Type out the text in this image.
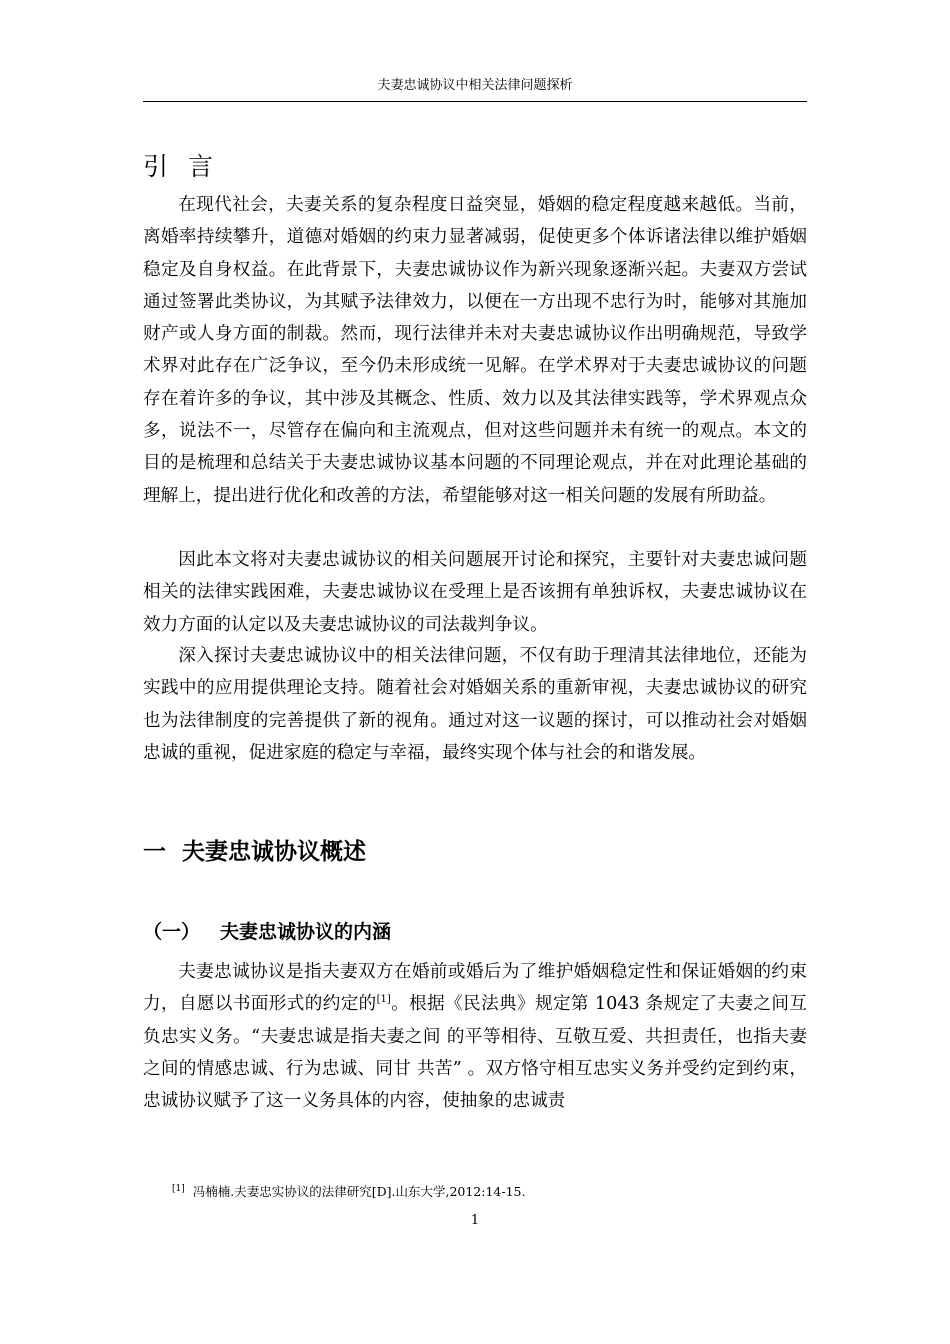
夫妻忠诚协议中相关法律问题探析
引言

在现代社会，夫妻关系的复杂程度日益突显，婚姻的稳定程度越来越低。当前，离婚率持续攀升，道德对婚姻的约束力显著减弱，促使更多个体诉诸法律以维护婚姻稳定及自身权益。在此背景下，夫妻忠诚协议作为新兴现象逐渐兴起。夫妻双方尝试通过签署此类协议，为其赋予法律效力，以便在一方出现不忠行为时，能够对其施加财产或人身方面的制裁。然而，现行法律并未对夫妻忠诚协议作出明确规范，导致学术界对此存在广泛争议，至今仍未形成统一见解。在学术界对于夫妻忠诚协议的问题存在着许多的争议，其中涉及其概念、性质、效力以及其法律实践等，学术界观点众多，说法不一，尽管存在偏向和主流观点，但对这些问题并未有统一的观点。本文的目的是梳理和总结关于夫妻忠诚协议基本问题的不同理论观点，并在对此理论基础的理解上，提出进行优化和改善的方法，希望能够对这一相关问题的发展有所助益。

因此本文将对夫妻忠诚协议的相关问题展开讨论和探究，主要针对夫妻忠诚问题相关的法律实践困难，夫妻忠诚协议在受理上是否该拥有单独诉权，夫妻忠诚协议在效力方面的认定以及夫妻忠诚协议的司法裁判争议。

深入探讨夫妻忠诚协议中的相关法律问题，不仅有助于理清其法律地位，还能为实践中的应用提供理论支持。随着社会对婚姻关系的重新审视，夫妻忠诚协议的研究也为法律制度的完善提供了新的视角。通过对这一议题的探讨，可以推动社会对婚姻忠诚的重视，促进家庭的稳定与幸福，最终实现个体与社会的和谐发展。

一 夫妻忠诚协议概述
（一） 夫妻忠诚协议的内涵

夫妻忠诚协议是指夫妻双方在婚前或婚后为了维护婚姻稳定性和保证婚姻的约束力，自愿以书面形式的约定的[1]。根据《民法典》规定第 1043 条规定了夫妻之间互负忠实义务。“夫妻忠诚是指夫妻之间 的平等相待、互敬互爱、共担责任，也指夫妻之间的情感忠诚、行为忠诚、同甘 共苦” 。双方恪守相互忠实义务并受约定到约束，忠诚协议赋予了这一义务具体的内容，使抽象的忠诚责

[1] 冯楠楠.夫妻忠实协议的法律研究[D].山东大学,2012:14-15.
1
